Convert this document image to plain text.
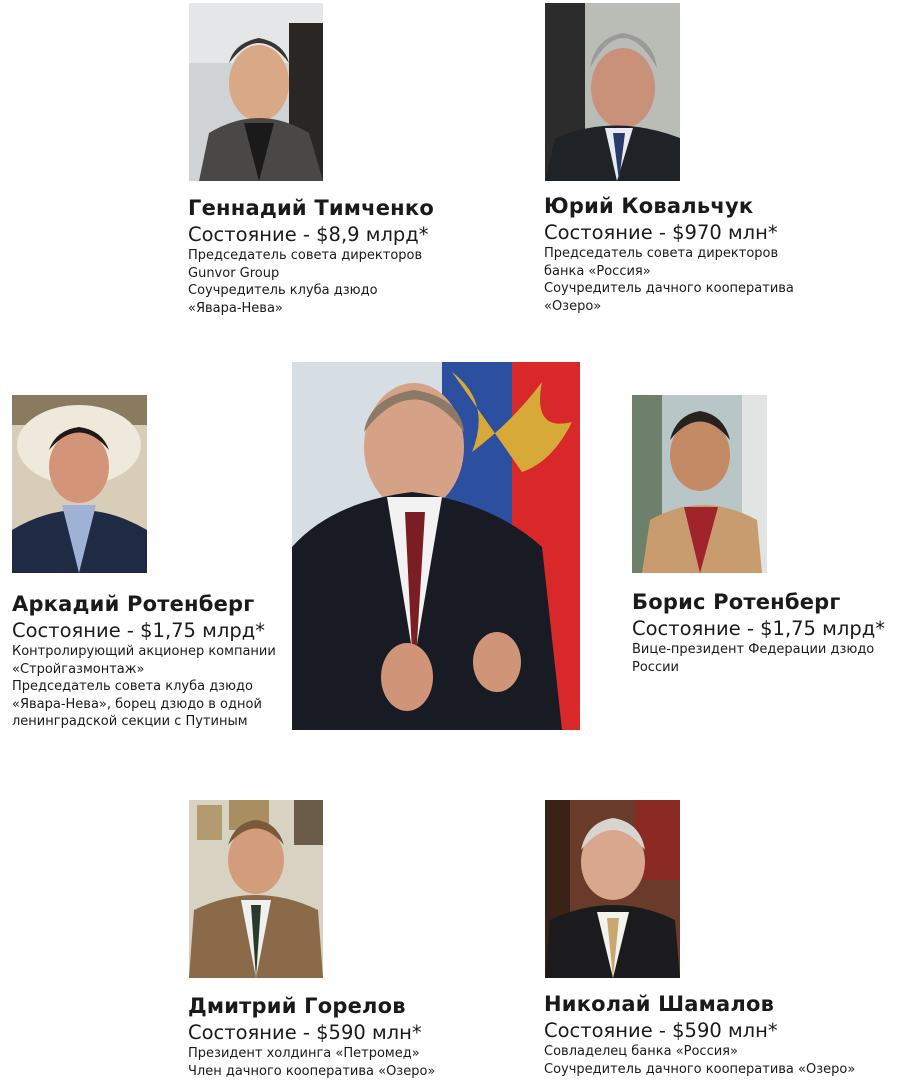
Геннадий Тимченко
Состояние - $8,9 млрд*
Председатель совета директоров
Gunvor Group
Соучредитель клуба дзюдо
«Явара-Нева»
Юрий Ковальчук
Состояние - $970 млн*
Председатель совета директоров
банка «Россия»
Соучредитель дачного кооператива
«Озеро»
Аркадий Ротенберг
Состояние - $1,75 млрд*
Контролирующий акционер компании
«Стройгазмонтаж»
Председатель совета клуба дзюдо
«Явара-Нева», борец дзюдо в одной
ленинградской секции с Путиным
Борис Ротенберг
Состояние - $1,75 млрд*
Вице-президент Федерации дзюдо
России
Дмитрий Горелов
Состояние - $590 млн*
Президент холдинга «Петромед»
Член дачного кооператива «Озеро»
Николай Шамалов
Состояние - $590 млн*
Совладелец банка «Россия»
Соучредитель дачного кооператива «Озеро»
